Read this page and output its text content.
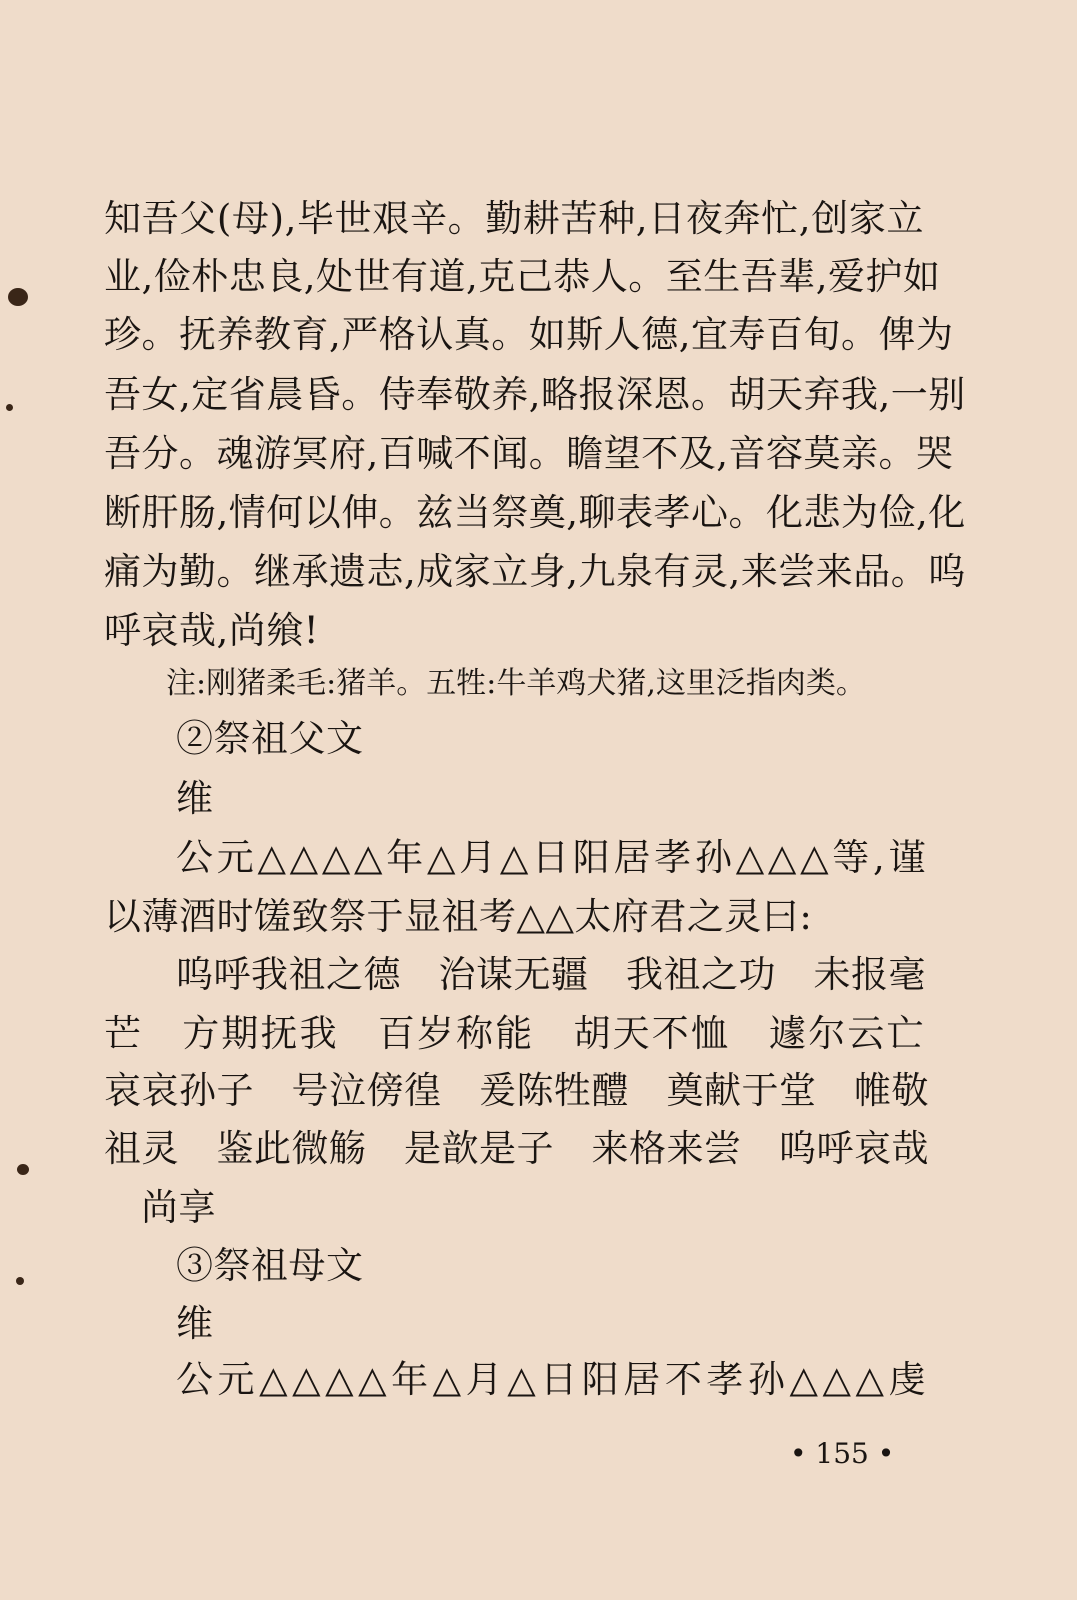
知吾父(母),毕世艰辛。勤耕苦种,日夜奔忙,创家立
业,俭朴忠良,处世有道,克己恭人。至生吾辈,爱护如
珍。抚养教育,严格认真。如斯人德,宜寿百旬。俾为
吾女,定省晨昏。侍奉敬养,略报深恩。胡天弃我,一别
吾分。魂游冥府,百喊不闻。瞻望不及,音容莫亲。哭
断肝肠,情何以伸。兹当祭奠,聊表孝心。化悲为俭,化
痛为勤。继承遗志,成家立身,九泉有灵,来尝来品。呜
呼哀哉,尚飨!
注:刚猪柔毛:猪羊。五牲:牛羊鸡犬猪,这里泛指肉类。
②祭祖父文
维
公元△△△△年△月△日阳居孝孙△△△等,谨
以薄酒时馐致祭于显祖考△△太府君之灵曰:
呜呼我祖之德　治谋无疆　我祖之功　未报毫
芒　方期抚我　百岁称能　胡天不恤　遽尔云亡
哀哀孙子　号泣傍徨　爰陈牲醴　奠献于堂　帷敬
祖灵　鉴此微觞　是歆是子　来格来尝　呜呼哀哉
尚享
③祭祖母文
维
公元△△△△年△月△日阳居不孝孙△△△虔
• 155 •
